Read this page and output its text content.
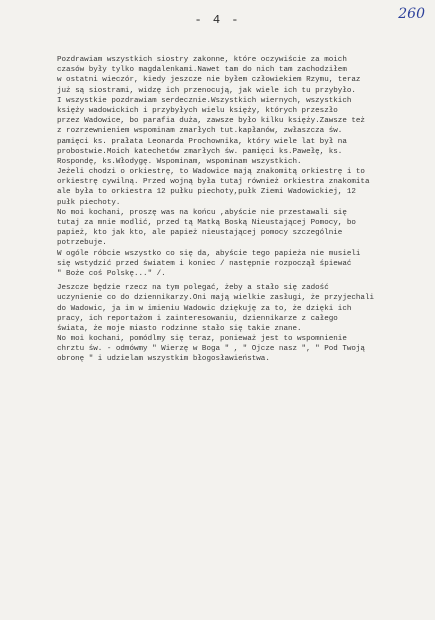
- 4 -	260
Pozdrawiam wszystkich siostry zakonne, które oczywiście za moich
czasów były tylko magdalenkami.Nawet tam do nich tam zachodziłem
w ostatni wieczór, kiedy jeszcze nie byłem człowiekiem Rzymu, teraz
już są siostrami, widzę ich przenocują, jak wiele ich tu przybyło.
I wszystkie pozdrawiam serdecznie.Wszystkich wiernych, wszystkich
księży wadowickich i przybyłych wielu księży, których przeszło
przez Wadowice, bo parafia duża, zawsze było kilku księży.Zawsze też
z rozrzewnieniem wspominam zmarłych tut.kapłanów, zwłaszcza św.
pamięci ks. prałata Leonarda Prochownika, który wiele lat był na
probostwie.Moich katechetów zmarłych św. pamięci ks.Pawełę, ks.
Rospondę, ks.Włodygę. Wspominam, wspominam wszystkich.
Jeżeli chodzi o orkiestrę, to Wadowice mają znakomitą orkiestrę i to
orkiestrę cywilną. Przed wojną była tutaj również orkiestra znakomita
ale była to orkiestra 12 pułku piechoty,pułk Ziemi Wadowickiej, 12
pułk piechoty.
No moi kochani, proszę was na końcu ,abyście nie przestawali się
tutaj za mnie modlić, przed tą Matką Boską Nieustającej Pomocy, bo
papież, kto jak kto, ale papież nieustającej pomocy szczególnie
potrzebuje.
W ogóle róbcie wszystko co się da, abyście tego papieża nie musieli
się wstydzić przed światem i koniec / następnie rozpoczął śpiewać
" Boże coś Polskę..." /.
Jeszcze będzie rzecz na tym polegać, żeby a stało się zadość
uczynienie co do dziennikarzy.Oni mają wielkie zasługi, że przyjechali
do Wadowic, ja im w imieniu Wadowic dziękuję za to, że dzięki ich
pracy, ich reportażom i zainteresowaniu, dziennikarze z całego
świata, że moje miasto rodzinne stało się takie znane.
No moi kochani, pomódlmy się teraz, ponieważ jest to wspomnienie
chrztu św. - odmówmy " Wierzę w Boga " , " Ojcze nasz ", " Pod Twoją
obronę " i udzielam wszystkim błogosławieństwa.
